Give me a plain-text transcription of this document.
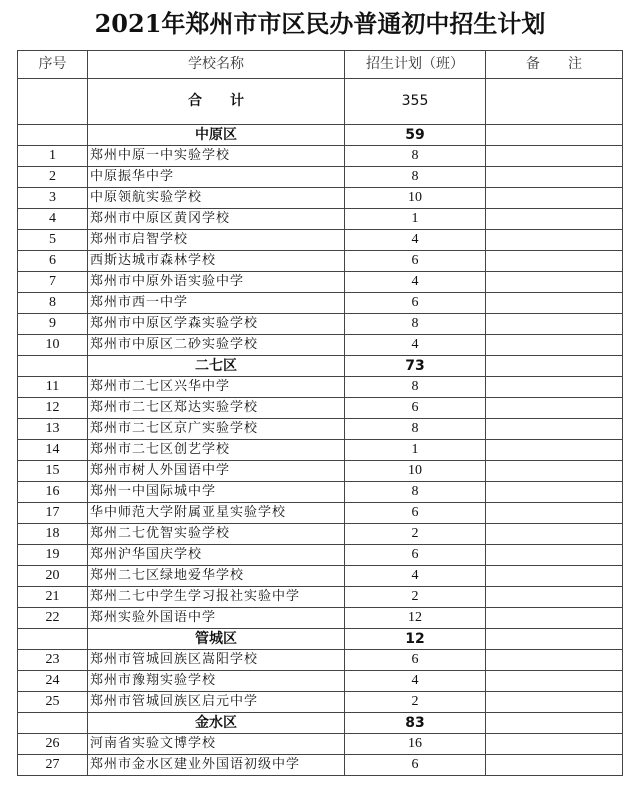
2021年郑州市市区民办普通初中招生计划
序号	学校名称	招生计划（班）	备　　注
	合　　计	355	
	中原区	59	
1	郑州中原一中实验学校	8	
2	中原振华中学	8	
3	中原领航实验学校	10	
4	郑州市中原区黄冈学校	1	
5	郑州市启智学校	4	
6	西斯达城市森林学校	6	
7	郑州市中原外语实验中学	4	
8	郑州市西一中学	6	
9	郑州市中原区学森实验学校	8	
10	郑州市中原区二砂实验学校	4	
	二七区	73	
11	郑州市二七区兴华中学	8	
12	郑州市二七区郑达实验学校	6	
13	郑州市二七区京广实验学校	8	
14	郑州市二七区创艺学校	1	
15	郑州市树人外国语中学	10	
16	郑州一中国际城中学	8	
17	华中师范大学附属亚星实验学校	6	
18	郑州二七优智实验学校	2	
19	郑州沪华国庆学校	6	
20	郑州二七区绿地爱华学校	4	
21	郑州二七中学生学习报社实验中学	2	
22	郑州实验外国语中学	12	
	管城区	12	
23	郑州市管城回族区嵩阳学校	6	
24	郑州市豫翔实验学校	4	
25	郑州市管城回族区启元中学	2	
	金水区	83	
26	河南省实验文博学校	16	
27	郑州市金水区建业外国语初级中学	6	
